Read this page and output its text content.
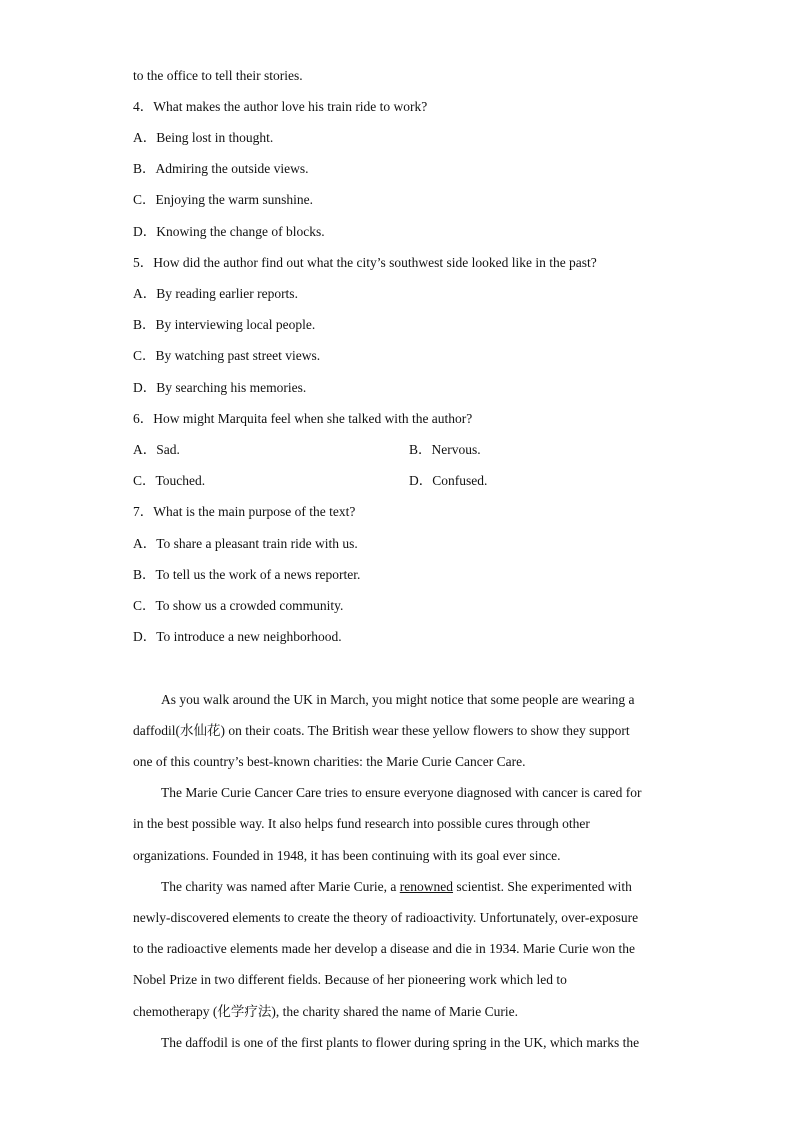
to the office to tell their stories.
4．What makes the author love his train ride to work?
A．Being lost in thought.
B．Admiring the outside views.
C．Enjoying the warm sunshine.
D．Knowing the change of blocks.
5．How did the author find out what the city’s southwest side looked like in the past?
A．By reading earlier reports.
B．By interviewing local people.
C．By watching past street views.
D．By searching his memories.
6．How might Marquita feel when she talked with the author?
A．Sad.	B．Nervous.
C．Touched.	D．Confused.
7．What is the main purpose of the text?
A．To share a pleasant train ride with us.
B．To tell us the work of a news reporter.
C．To show us a crowded community.
D．To introduce a new neighborhood.
As you walk around the UK in March, you might notice that some people are wearing a
daffodil(水仙花) on their coats. The British wear these yellow flowers to show they support
one of this country’s best-known charities: the Marie Curie Cancer Care.
The Marie Curie Cancer Care tries to ensure everyone diagnosed with cancer is cared for
in the best possible way. It also helps fund research into possible cures through other
organizations. Founded in 1948, it has been continuing with its goal ever since.
The charity was named after Marie Curie, a renowned scientist. She experimented with
newly-discovered elements to create the theory of radioactivity. Unfortunately, over-exposure
to the radioactive elements made her develop a disease and die in 1934. Marie Curie won the
Nobel Prize in two different fields. Because of her pioneering work which led to
chemotherapy (化学疗法), the charity shared the name of Marie Curie.
The daffodil is one of the first plants to flower during spring in the UK, which marks the
